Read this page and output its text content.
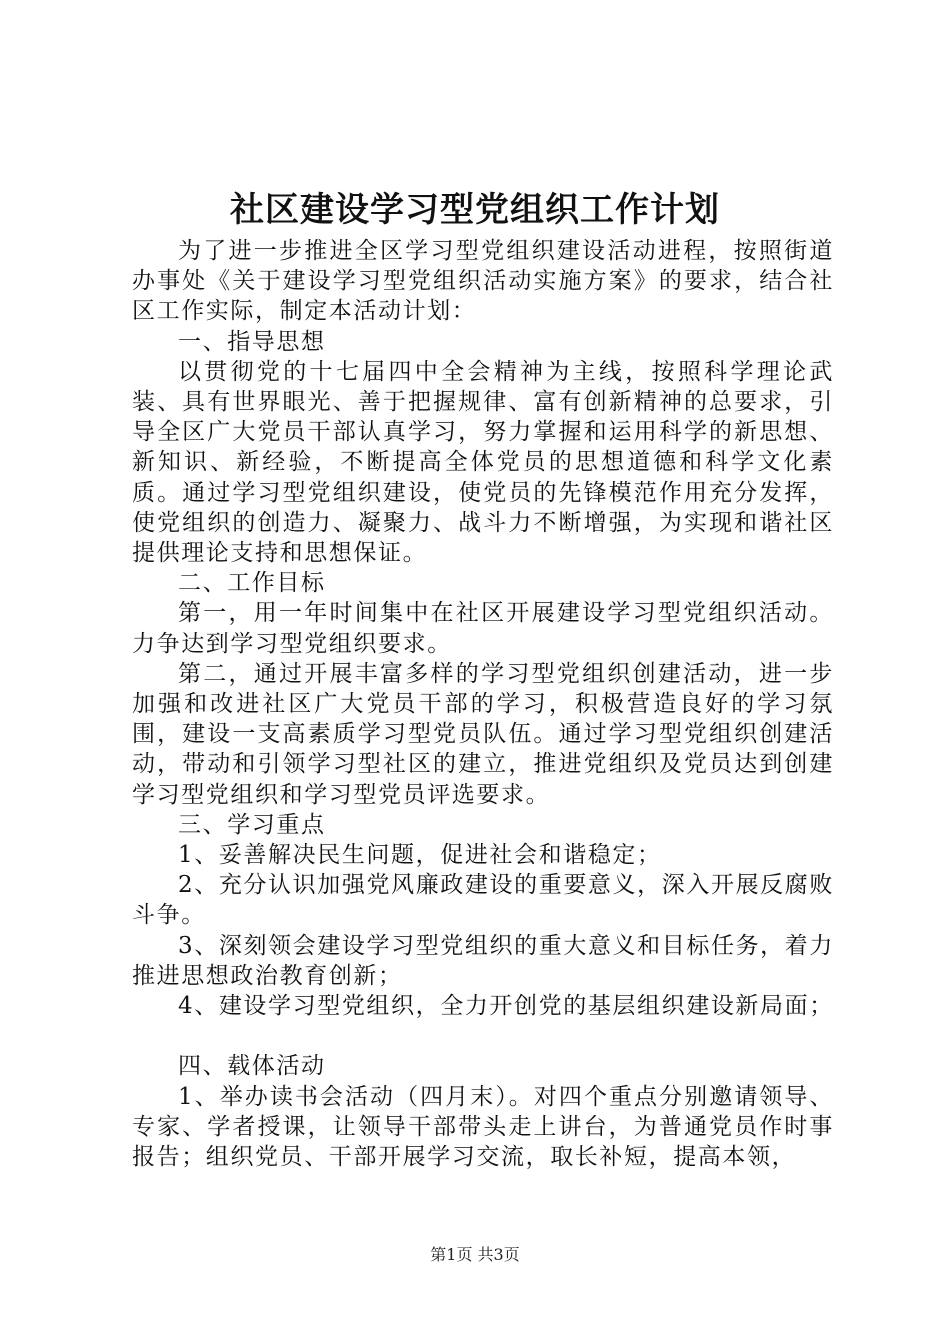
社区建设学习型党组织工作计划

为了进一步推进全区学习型党组织建设活动进程，按照街道办事处《关于建设学习型党组织活动实施方案》的要求，结合社区工作实际，制定本活动计划：

一、指导思想

以贯彻党的十七届四中全会精神为主线，按照科学理论武装、具有世界眼光、善于把握规律、富有创新精神的总要求，引导全区广大党员干部认真学习，努力掌握和运用科学的新思想、新知识、新经验，不断提高全体党员的思想道德和科学文化素质。通过学习型党组织建设，使党员的先锋模范作用充分发挥，使党组织的创造力、凝聚力、战斗力不断增强，为实现和谐社区提供理论支持和思想保证。

二、工作目标

第一，用一年时间集中在社区开展建设学习型党组织活动。力争达到学习型党组织要求。

第二，通过开展丰富多样的学习型党组织创建活动，进一步加强和改进社区广大党员干部的学习，积极营造良好的学习氛围，建设一支高素质学习型党员队伍。通过学习型党组织创建活动，带动和引领学习型社区的建立，推进党组织及党员达到创建学习型党组织和学习型党员评选要求。

三、学习重点

1、妥善解决民生问题，促进社会和谐稳定；

2、充分认识加强党风廉政建设的重要意义，深入开展反腐败斗争。

3、深刻领会建设学习型党组织的重大意义和目标任务，着力推进思想政治教育创新；

4、建设学习型党组织，全力开创党的基层组织建设新局面；

四、载体活动

1、举办读书会活动（四月末）。对四个重点分别邀请领导、专家、学者授课，让领导干部带头走上讲台，为普通党员作时事报告；组织党员、干部开展学习交流，取长补短，提高本领，

第1页 共3页
